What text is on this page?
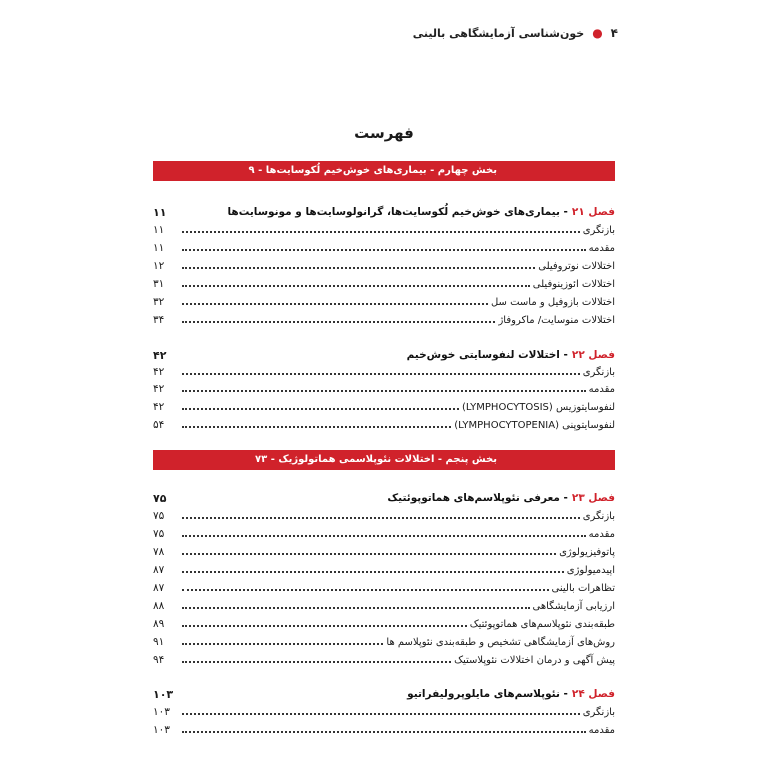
۴
●
خون‌شناسی آزمایشگاهی بالینی
فهرست
بخش چهارم - بیماری‌های خوش‌خیم لُکوسایت‌ها - ۹
فصل ۲۱
- بیماری‌های خوش‌خیم لُکوسایت‌ها، گرانولوسایت‌ها و مونوسایت‌ها
۱۱
بازنگری
۱۱
مقدمه
۱۱
اختلالات نوتروفیلی
۱۲
اختلالات ائوزینوفیلی
۳۱
اختلالات بازوفیل و ماست سل
۳۲
اختلالات منوسایت/ ماکروفاژ
۳۴
فصل ۲۲
- اختلالات لنفوسایتی خوش‌خیم
۴۲
بازنگری
۴۲
مقدمه
۴۲
لنفوسایتوزیس (LYMPHOCYTOSIS)
۴۲
لنفوسایتوپنی (LYMPHOCYTOPENIA)
۵۴
بخش پنجم - اختلالات نئوپلاسمی هماتولوژیک - ۷۳
فصل ۲۳
- معرفی نئوپلاسم‌های هماتوپوئتیک
۷۵
بازنگری
۷۵
مقدمه
۷۵
پاتوفیزیولوژی
۷۸
اپیدمیولوژی
۸۷
تظاهرات بالینی
۸۷
ارزیابی آزمایشگاهی
۸۸
طبقه‌بندی نئوپلاسم‌های هماتوپوئتیک
۸۹
روش‌های آزمایشگاهی تشخیص و طبقه‌بندی نئوپلاسم ها
۹۱
پیش آگهی و درمان اختلالات نئوپلاستیک
۹۴
فصل ۲۴
- نئوپلاسم‌های مایلوپرولیفراتیو
۱۰۳
بازنگری
۱۰۳
مقدمه
۱۰۳
